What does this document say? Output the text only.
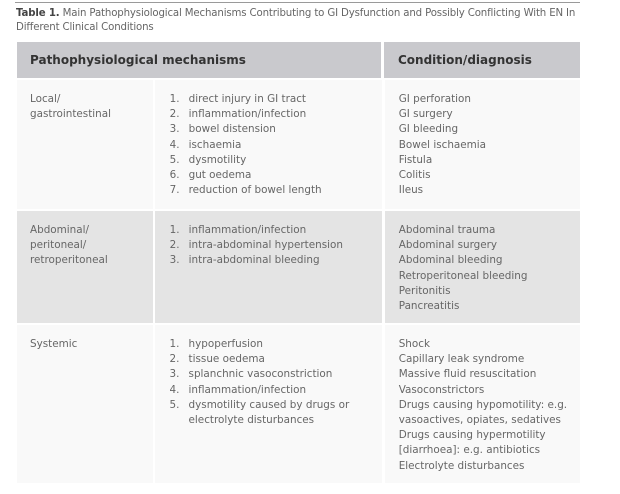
Table 1. Main Pathophysiological Mechanisms Contributing to GI Dysfunction and Possibly Conflicting With EN In Different Clinical Conditions
Pathophysiological mechanisms	Condition/diagnosis
Local/ gastrointestinal
1. direct injury in GI tract
2. inflammation/infection
3. bowel distension
4. ischaemia
5. dysmotility
6. gut oedema
7. reduction of bowel length
GI perforation
GI surgery
GI bleeding
Bowel ischaemia
Fistula
Colitis
Ileus
Abdominal/ peritoneal/ retroperitoneal
1. inflammation/infection
2. intra-abdominal hypertension
3. intra-abdominal bleeding
Abdominal trauma
Abdominal surgery
Abdominal bleeding
Retroperitoneal bleeding
Peritonitis
Pancreatitis
Systemic	1. hypoperfusion
2. tissue oedema
3. splanchnic vasoconstriction
4. inflammation/infection
5. dysmotility caused by drugs or electrolyte disturbances
Shock
Capillary leak syndrome
Massive fluid resuscitation
Vasoconstrictors
Drugs causing hypomotility: e.g. vasoactives, opiates, sedatives
Drugs causing hypermotility [diarrhoea]: e.g. antibiotics
Electrolyte disturbances
